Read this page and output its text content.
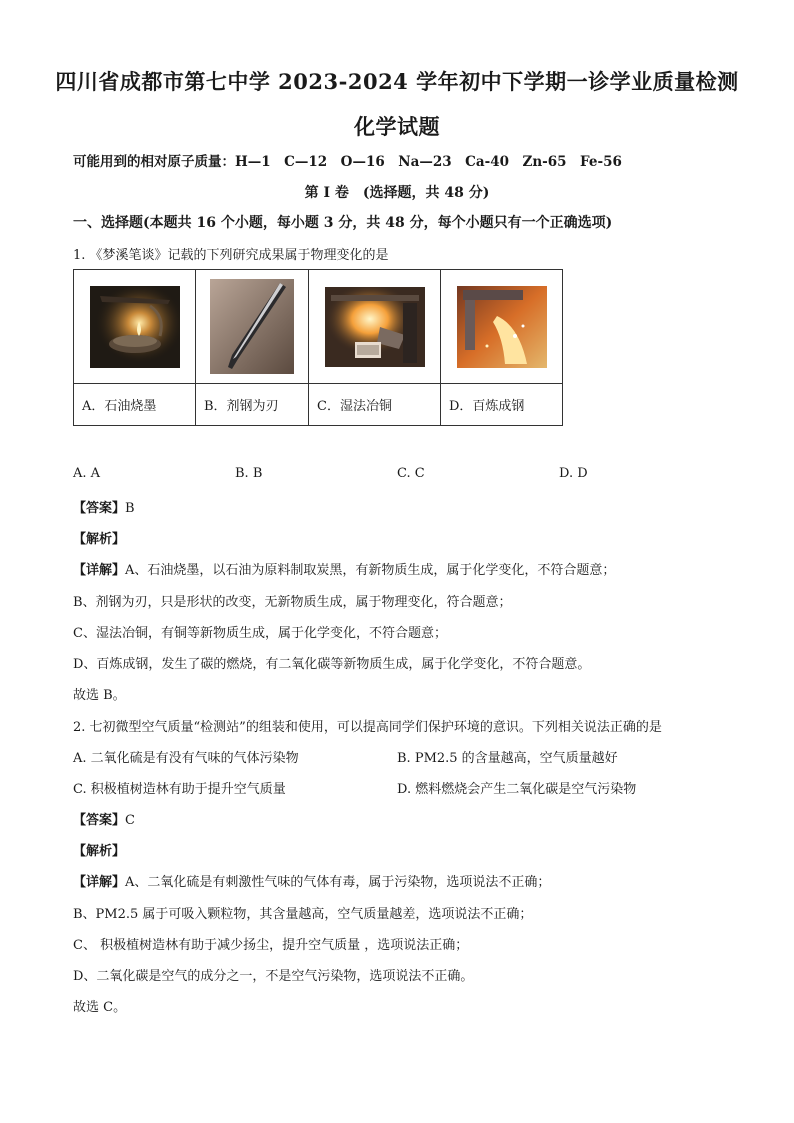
四川省成都市第七中学 2023-2024 学年初中下学期一诊学业质量检测
化学试题
可能用到的相对原子质量：H—1　C—12　O—16　Na—23　Ca-40　Zn-65　Fe-56
第 I 卷　(选择题，共 48 分)
一、选择题(本题共 16 个小题，每小题 3 分，共 48 分，每个小题只有一个正确选项)
1. 《梦溪笔谈》记载的下列研究成果属于物理变化的是

A．石油烧墨	B．剂钢为刃	C．湿法冶铜	D．百炼成钢
A. A	B. B	C. C	D. D
【答案】B
【解析】
【详解】A、石油烧墨，以石油为原料制取炭黑，有新物质生成，属于化学变化，不符合题意；
B、剂钢为刃，只是形状的改变，无新物质生成，属于物理变化，符合题意；
C、湿法冶铜，有铜等新物质生成，属于化学变化，不符合题意；
D、百炼成钢，发生了碳的燃烧，有二氧化碳等新物质生成，属于化学变化，不符合题意。
故选 B。
2. 七初微型空气质量“检测站”的组装和使用，可以提高同学们保护环境的意识。下列相关说法正确的是
A. 二氧化硫是有没有气味的气体污染物	B. PM2.5 的含量越高，空气质量越好
C. 积极植树造林有助于提升空气质量	D. 燃料燃烧会产生二氧化碳是空气污染物
【答案】C
【解析】
【详解】A、二氧化硫是有刺激性气味的气体有毒，属于污染物，选项说法不正确；
B、PM2.5 属于可吸入颗粒物，其含量越高，空气质量越差，选项说法不正确；
C、 积极植树造林有助于减少扬尘，提升空气质量 ，选项说法正确；
D、二氧化碳是空气的成分之一，不是空气污染物，选项说法不正确。
故选 C。
